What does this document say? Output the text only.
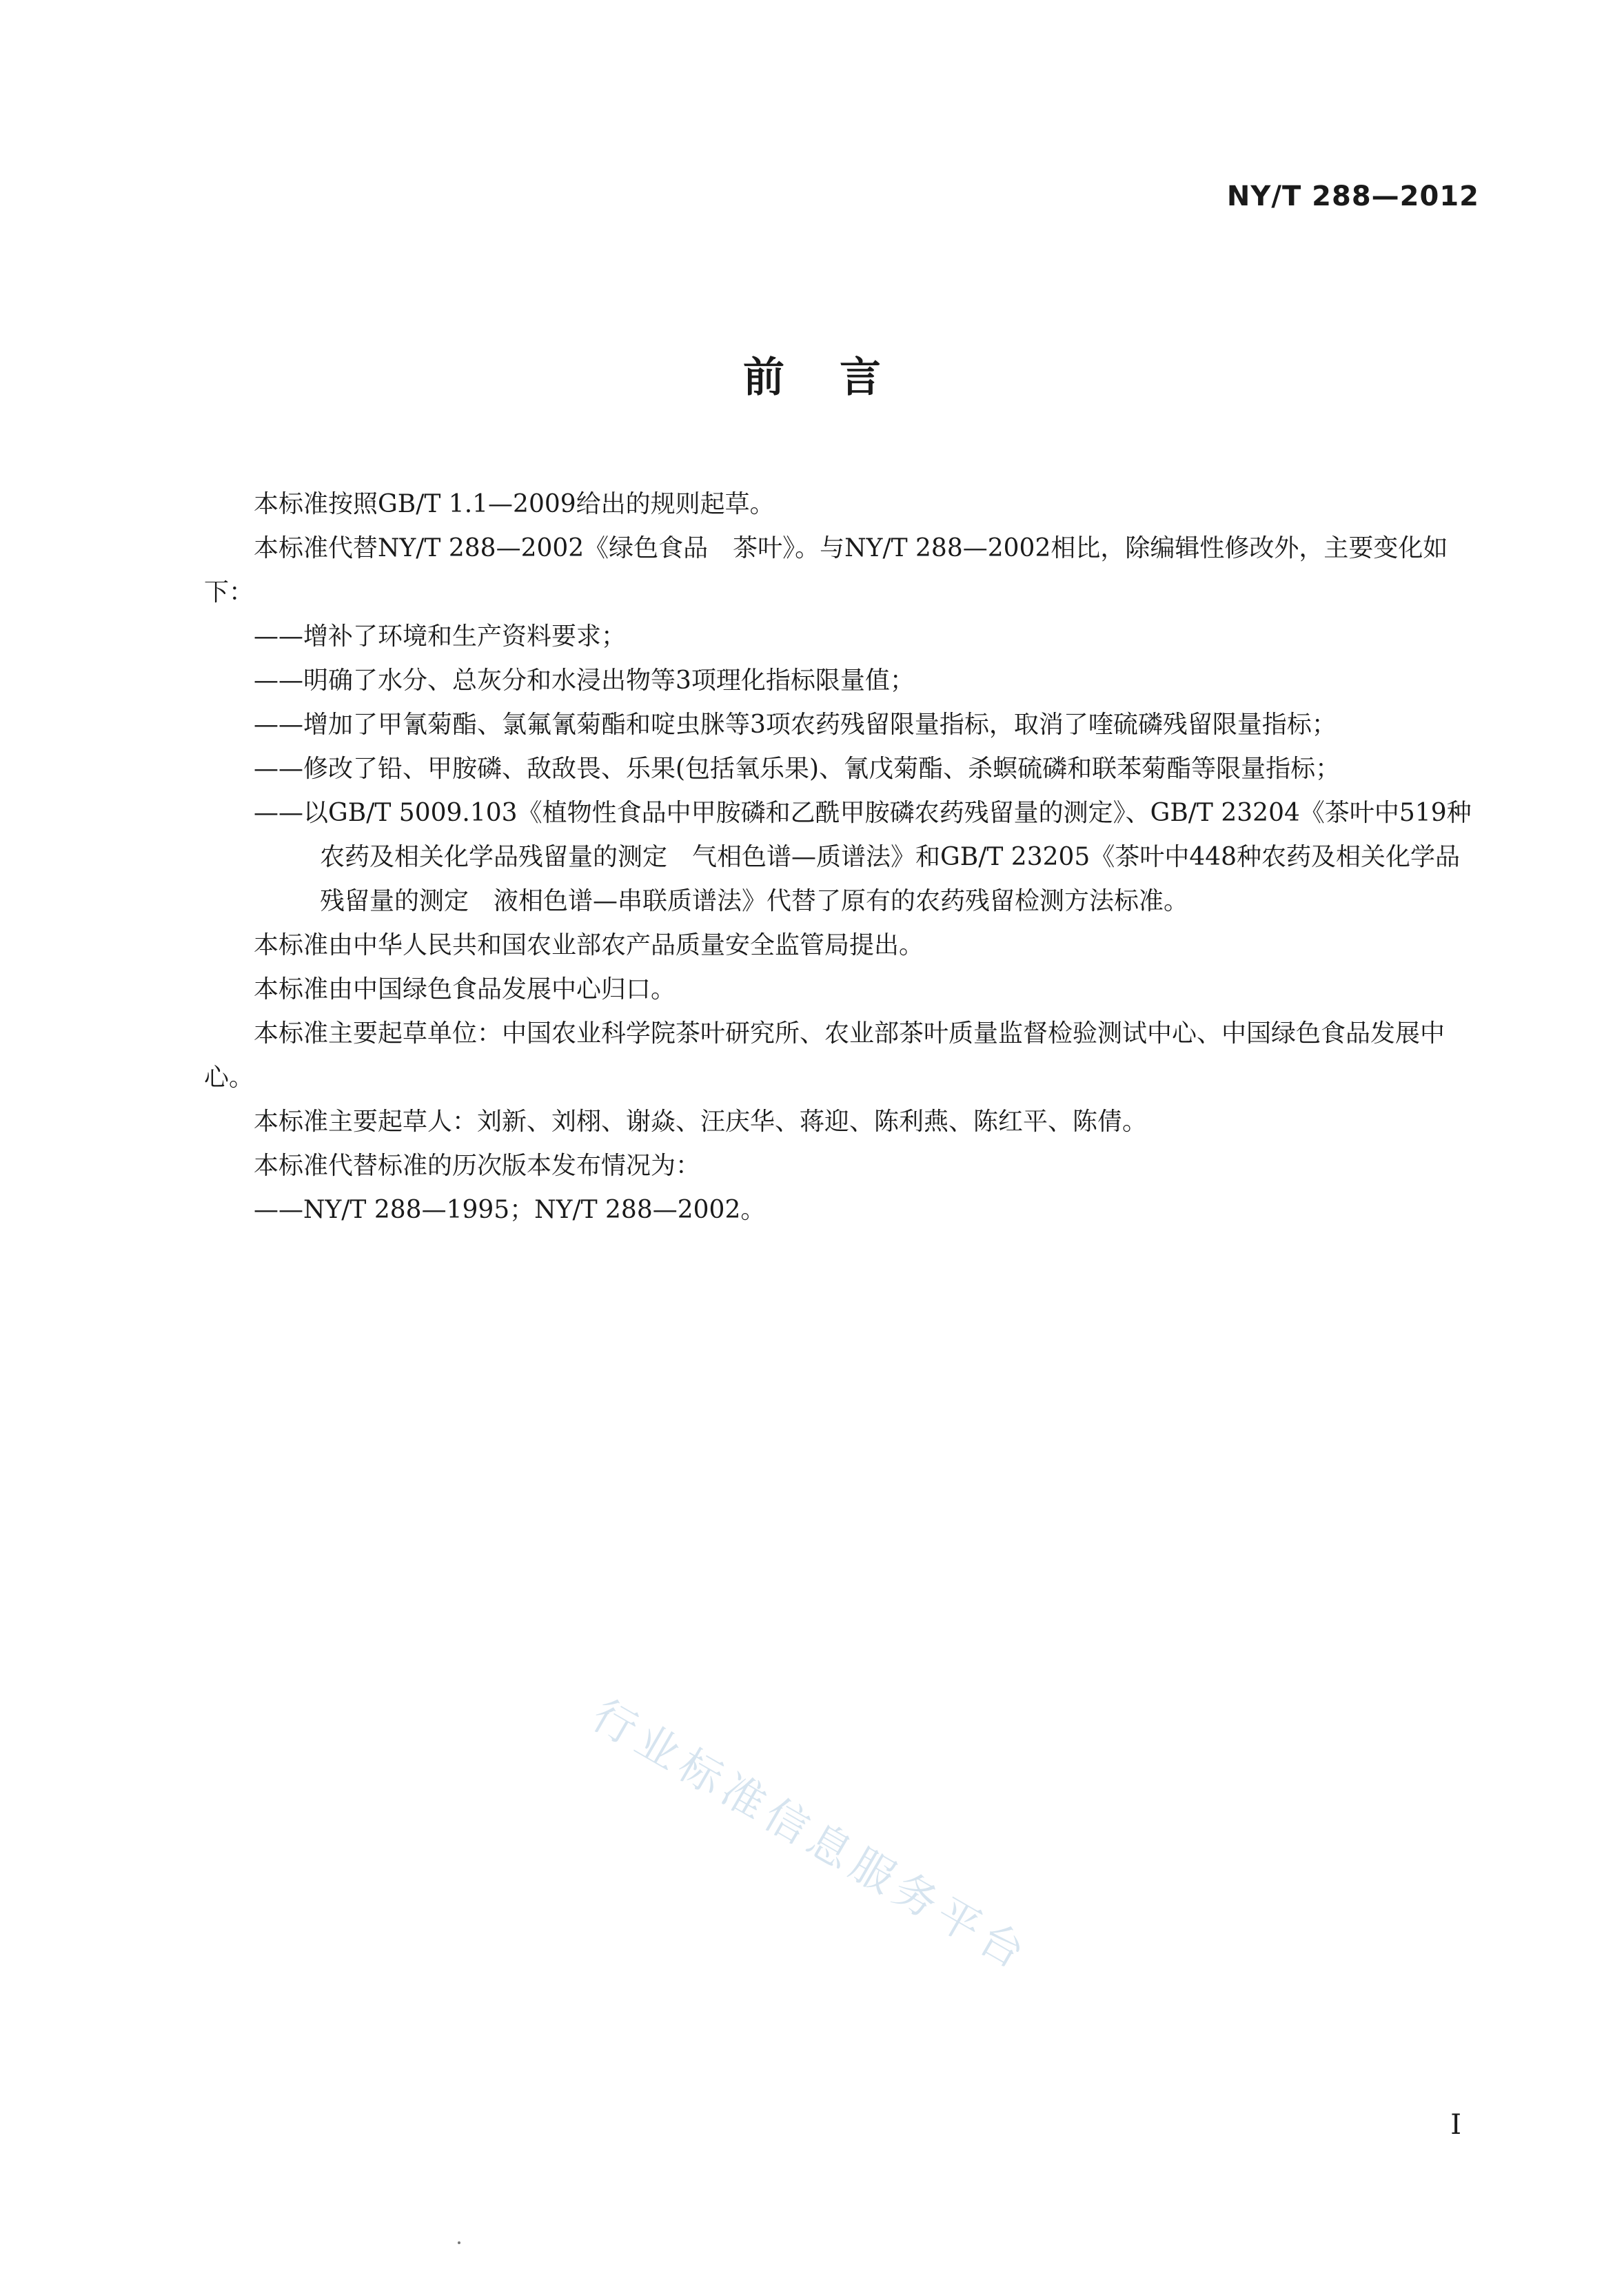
NY/T 288—2012
前言

本标准按照GB/T 1.1—2009给出的规则起草。

本标准代替NY/T 288—2002《绿色食品　茶叶》。与NY/T 288—2002相比，除编辑性修改外，主要变化如下：

——增补了环境和生产资料要求；

——明确了水分、总灰分和水浸出物等3项理化指标限量值；

——增加了甲氰菊酯、氯氟氰菊酯和啶虫脒等3项农药残留限量指标，取消了喹硫磷残留限量指标；

——修改了铅、甲胺磷、敌敌畏、乐果(包括氧乐果)、氰戊菊酯、杀螟硫磷和联苯菊酯等限量指标；

——以GB/T 5009.103《植物性食品中甲胺磷和乙酰甲胺磷农药残留量的测定》、GB/T 23204《茶叶中519种农药及相关化学品残留量的测定　气相色谱—质谱法》和GB/T 23205《茶叶中448种农药及相关化学品残留量的测定　液相色谱—串联质谱法》代替了原有的农药残留检测方法标准。

本标准由中华人民共和国农业部农产品质量安全监管局提出。

本标准由中国绿色食品发展中心归口。

本标准主要起草单位：中国农业科学院茶叶研究所、农业部茶叶质量监督检验测试中心、中国绿色食品发展中心。

本标准主要起草人：刘新、刘栩、谢焱、汪庆华、蒋迎、陈利燕、陈红平、陈倩。

本标准代替标准的历次版本发布情况为：

——NY/T 288—1995；NY/T 288—2002。

行业标准信息服务平台
I
